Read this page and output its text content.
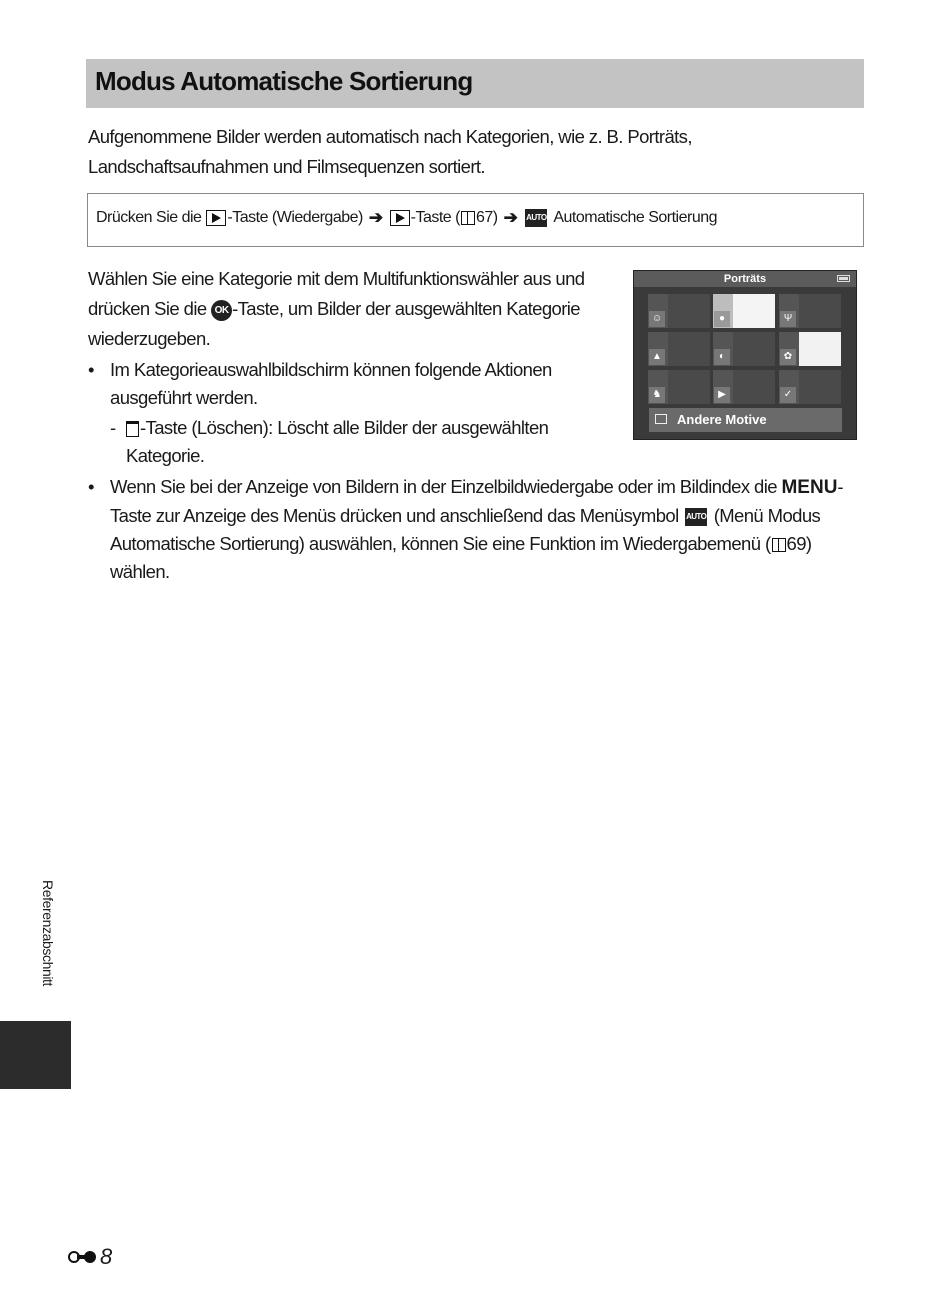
Modus Automatische Sortierung

Aufgenommene Bilder werden automatisch nach Kategorien, wie z. B. Porträts, Landschaftsaufnahmen und Filmsequenzen sortiert.

Drücken Sie die
-Taste (Wiedergabe) ➔ -Taste ( 67) ➔ AUTO Automatische Sortierung
Wählen Sie eine Kategorie mit dem Multifunktionswähler aus und drücken Sie die OK -Taste, um Bilder der ausgewählten Kategorie wiederzugeben.
• Im Kategorieauswahlbildschirm können folgende Aktionen ausgeführt werden.
-	-Taste (Löschen): Löscht alle Bilder der ausgewählten Kategorie.
• Wenn Sie bei der Anzeige von Bildern in der Einzelbildwiedergabe oder im Bildindex die MENU-Taste zur Anzeige des Menüs drücken und anschließend das Menüsymbol AUTO (Menü Modus Automatische Sortierung) auswählen, können Sie eine Funktion im Wiedergabemenü ( 69) wählen.
Porträts
☺	●	Ψ
▲	◐	✿
♞	▶	✓
Andere Motive
Referenzabschnitt
8
